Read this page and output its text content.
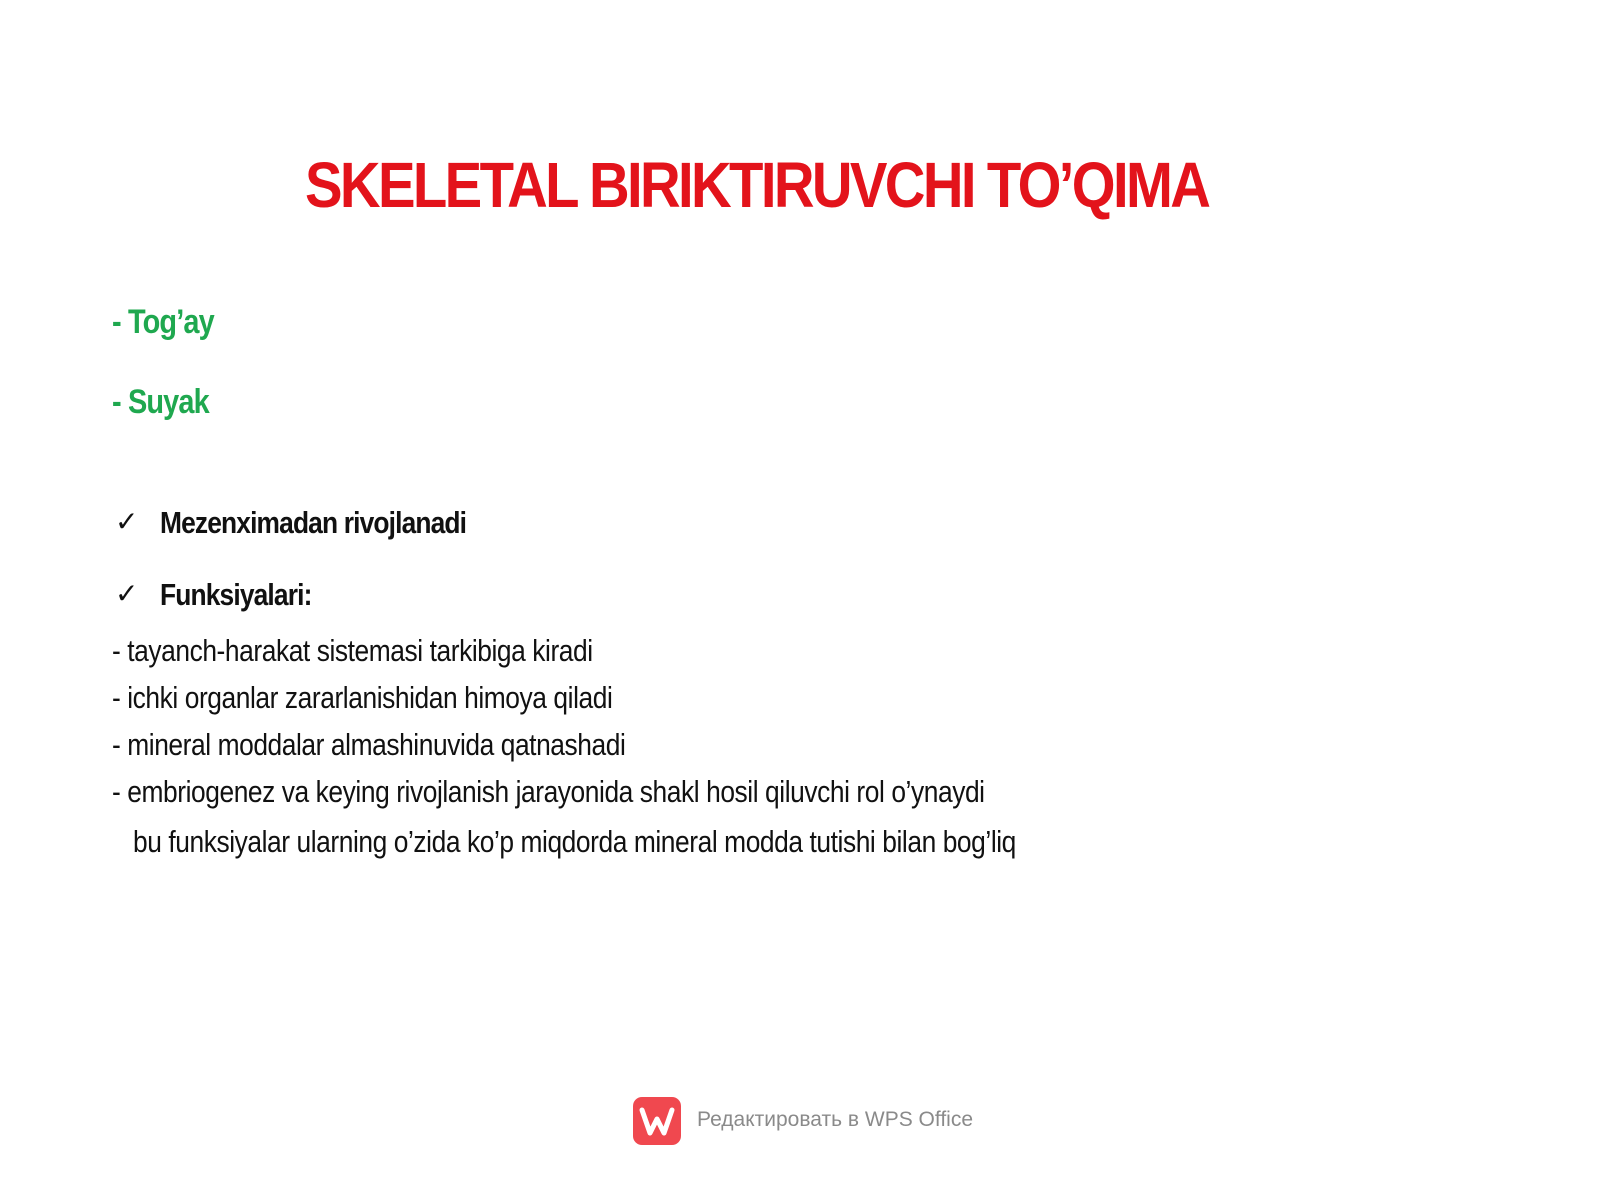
SKELETAL BIRIKTIRUVCHI TO’QIMA
- Tog’ay
- Suyak
✓ Mezenximadan rivojlanadi
✓ Funksiyalari:
- tayanch-harakat sistemasi tarkibiga kiradi
- ichki organlar zararlanishidan himoya qiladi
- mineral moddalar almashinuvida qatnashadi
- embriogenez va keying rivojlanish jarayonida shakl hosil qiluvchi rol o’ynaydi
bu funksiyalar ularning o’zida ko’p miqdorda mineral modda tutishi bilan bog’liq
Редактировать в WPS Office
